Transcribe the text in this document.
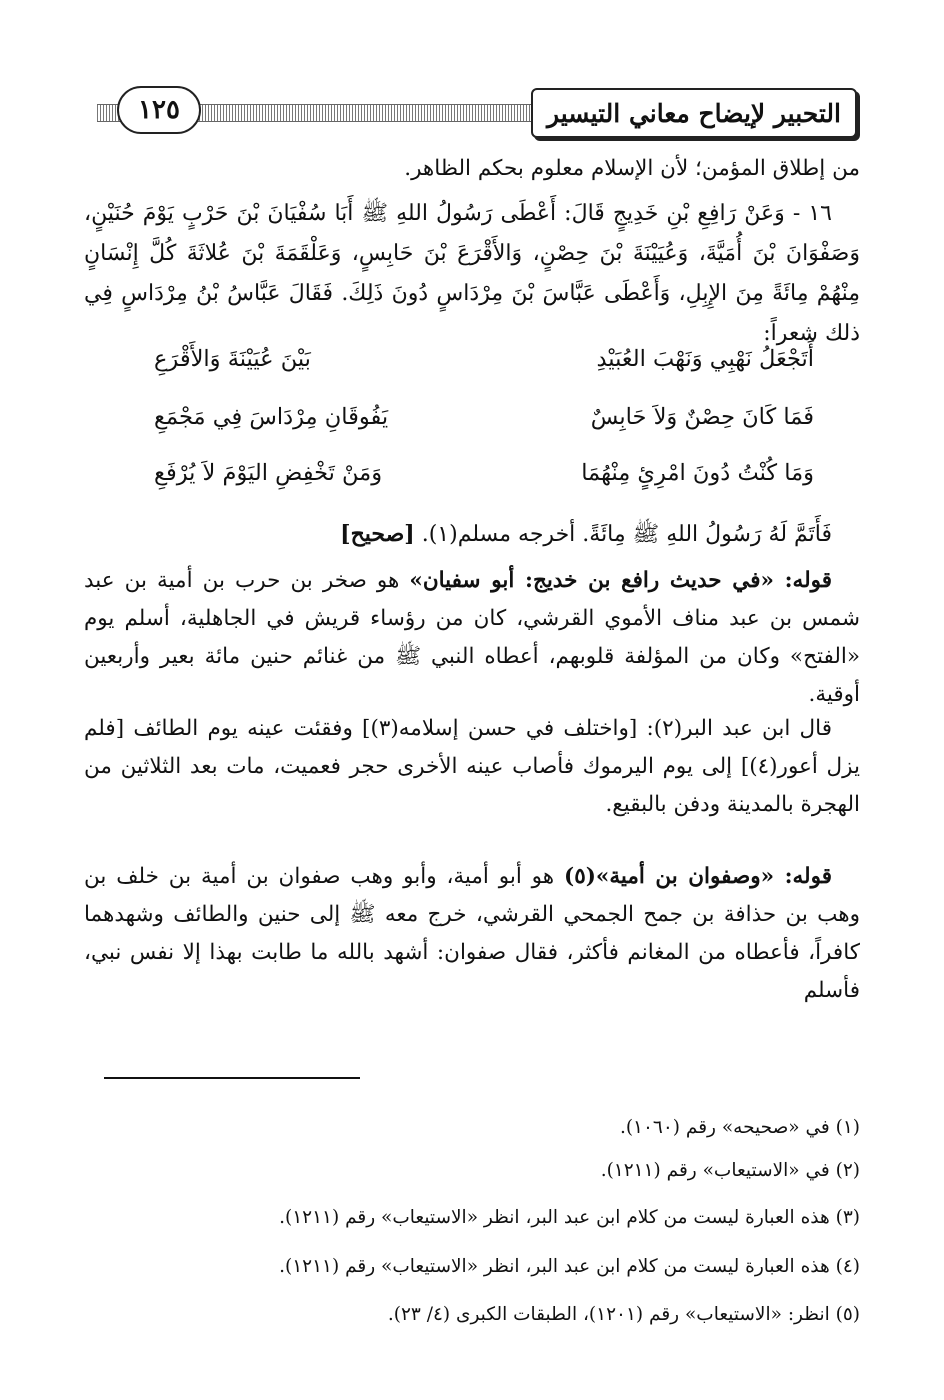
التحبير لإيضاح معاني التيسير
١٢٥

من إطلاق المؤمن؛ لأن الإسلام معلوم بحكم الظاهر.

١٦ - وَعَنْ رَافِعِ بْنِ خَدِيجٍ قَالَ: أَعْطَى رَسُولُ اللهِ ﷺ أَبَا سُفْيَانَ بْنَ حَرْبٍ يَوْمَ حُنَيْنٍ، وَصَفْوَانَ بْنَ أُمَيَّةَ، وَعُيَيْنَةَ بْنَ حِصْنٍ، وَالأَقْرَعَ بْنَ حَابِسٍ، وَعَلْقَمَةَ بْنَ عُلاثَةَ كُلَّ إِنْسَانٍ مِنْهُمْ مِائَةً مِنَ الإِبِلِ، وَأَعْطَى عَبَّاسَ بْنَ مِرْدَاسٍ دُونَ ذَلِكَ. فَقَالَ عَبَّاسُ بْنُ مِرْدَاسٍ فِي ذلك شعراً:

أَتَجْعَلُ نَهْبِي وَنَهْبَ العُبَيْدِ
بَيْنَ عُيَيْنَةَ وَالأَقْرَعِ
فَمَا كَانَ حِصْنٌ وَلاَ حَابِسٌ
يَفُوقَانِ مِرْدَاسَ فِي مَجْمَعِ
وَمَا كُنْتُ دُونَ امْرِئٍ مِنْهُمَا
وَمَنْ تَخْفِضِ اليَوْمَ لاَ يُرْفَعِ

فَأَتَمَّ لَهُ رَسُولُ اللهِ ﷺ مِائَةً. أخرجه مسلم(١). [صحيح]

قوله: «في حديث رافع بن خديج: أبو سفيان» هو صخر بن حرب بن أمية بن عبد شمس بن عبد مناف الأموي القرشي، كان من رؤساء قريش في الجاهلية، أسلم يوم «الفتح» وكان من المؤلفة قلوبهم، أعطاه النبي ﷺ من غنائم حنين مائة بعير وأربعين أوقية.

قال ابن عبد البر(٢): [واختلف في حسن إسلامه(٣)] وفقئت عينه يوم الطائف [فلم يزل أعور(٤)] إلى يوم اليرموك فأصاب عينه الأخرى حجر فعميت، مات بعد الثلاثين من الهجرة بالمدينة ودفن بالبقيع.

قوله: «وصفوان بن أمية»(٥) هو أبو أمية، وأبو وهب صفوان بن أمية بن خلف بن وهب بن حذافة بن جمح الجمحي القرشي، خرج معه ﷺ إلى حنين والطائف وشهدهما كافراً، فأعطاه من المغانم فأكثر، فقال صفوان: أشهد بالله ما طابت بهذا إلا نفس نبي، فأسلم

(١) في «صحيحه» رقم (١٠٦٠).
(٢) في «الاستيعاب» رقم (١٢١١).
(٣) هذه العبارة ليست من كلام ابن عبد البر، انظر «الاستيعاب» رقم (١٢١١).
(٤) هذه العبارة ليست من كلام ابن عبد البر، انظر «الاستيعاب» رقم (١٢١١).
(٥) انظر: «الاستيعاب» رقم (١٢٠١)، الطبقات الكبرى (٤/ ٢٣).
